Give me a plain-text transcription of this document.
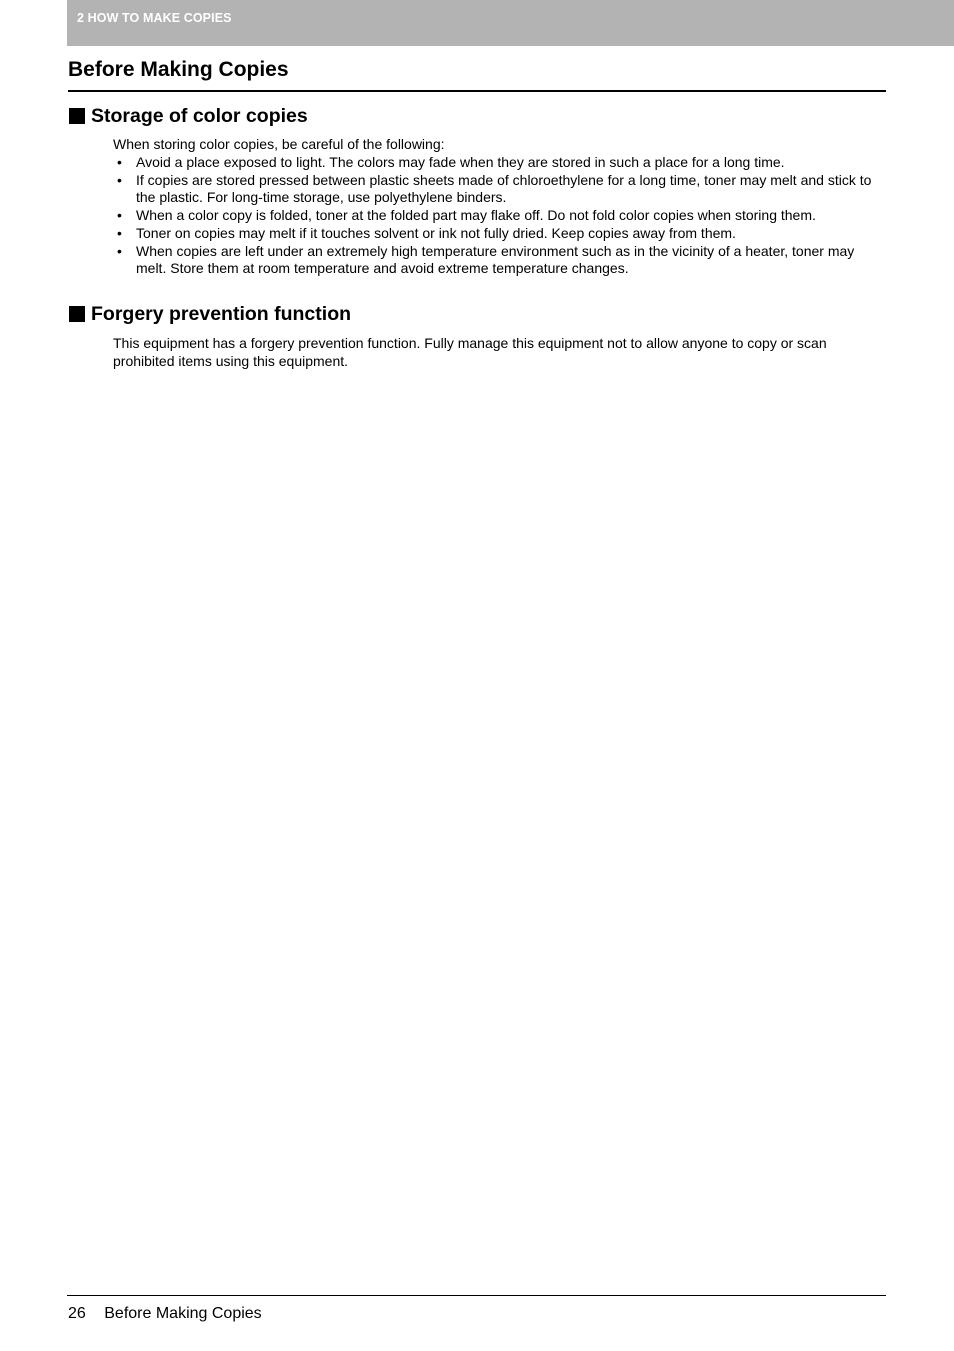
2 HOW TO MAKE COPIES
Before Making Copies
Storage of color copies
When storing color copies, be careful of the following:
• Avoid a place exposed to light. The colors may fade when they are stored in such a place for a long time.
• If copies are stored pressed between plastic sheets made of chloroethylene for a long time, toner may melt and stick to the plastic. For long-time storage, use polyethylene binders.
• When a color copy is folded, toner at the folded part may flake off. Do not fold color copies when storing them.
• Toner on copies may melt if it touches solvent or ink not fully dried. Keep copies away from them.
• When copies are left under an extremely high temperature environment such as in the vicinity of a heater, toner may melt. Store them at room temperature and avoid extreme temperature changes.
Forgery prevention function
This equipment has a forgery prevention function. Fully manage this equipment not to allow anyone to copy or scan prohibited items using this equipment.
26 Before Making Copies
